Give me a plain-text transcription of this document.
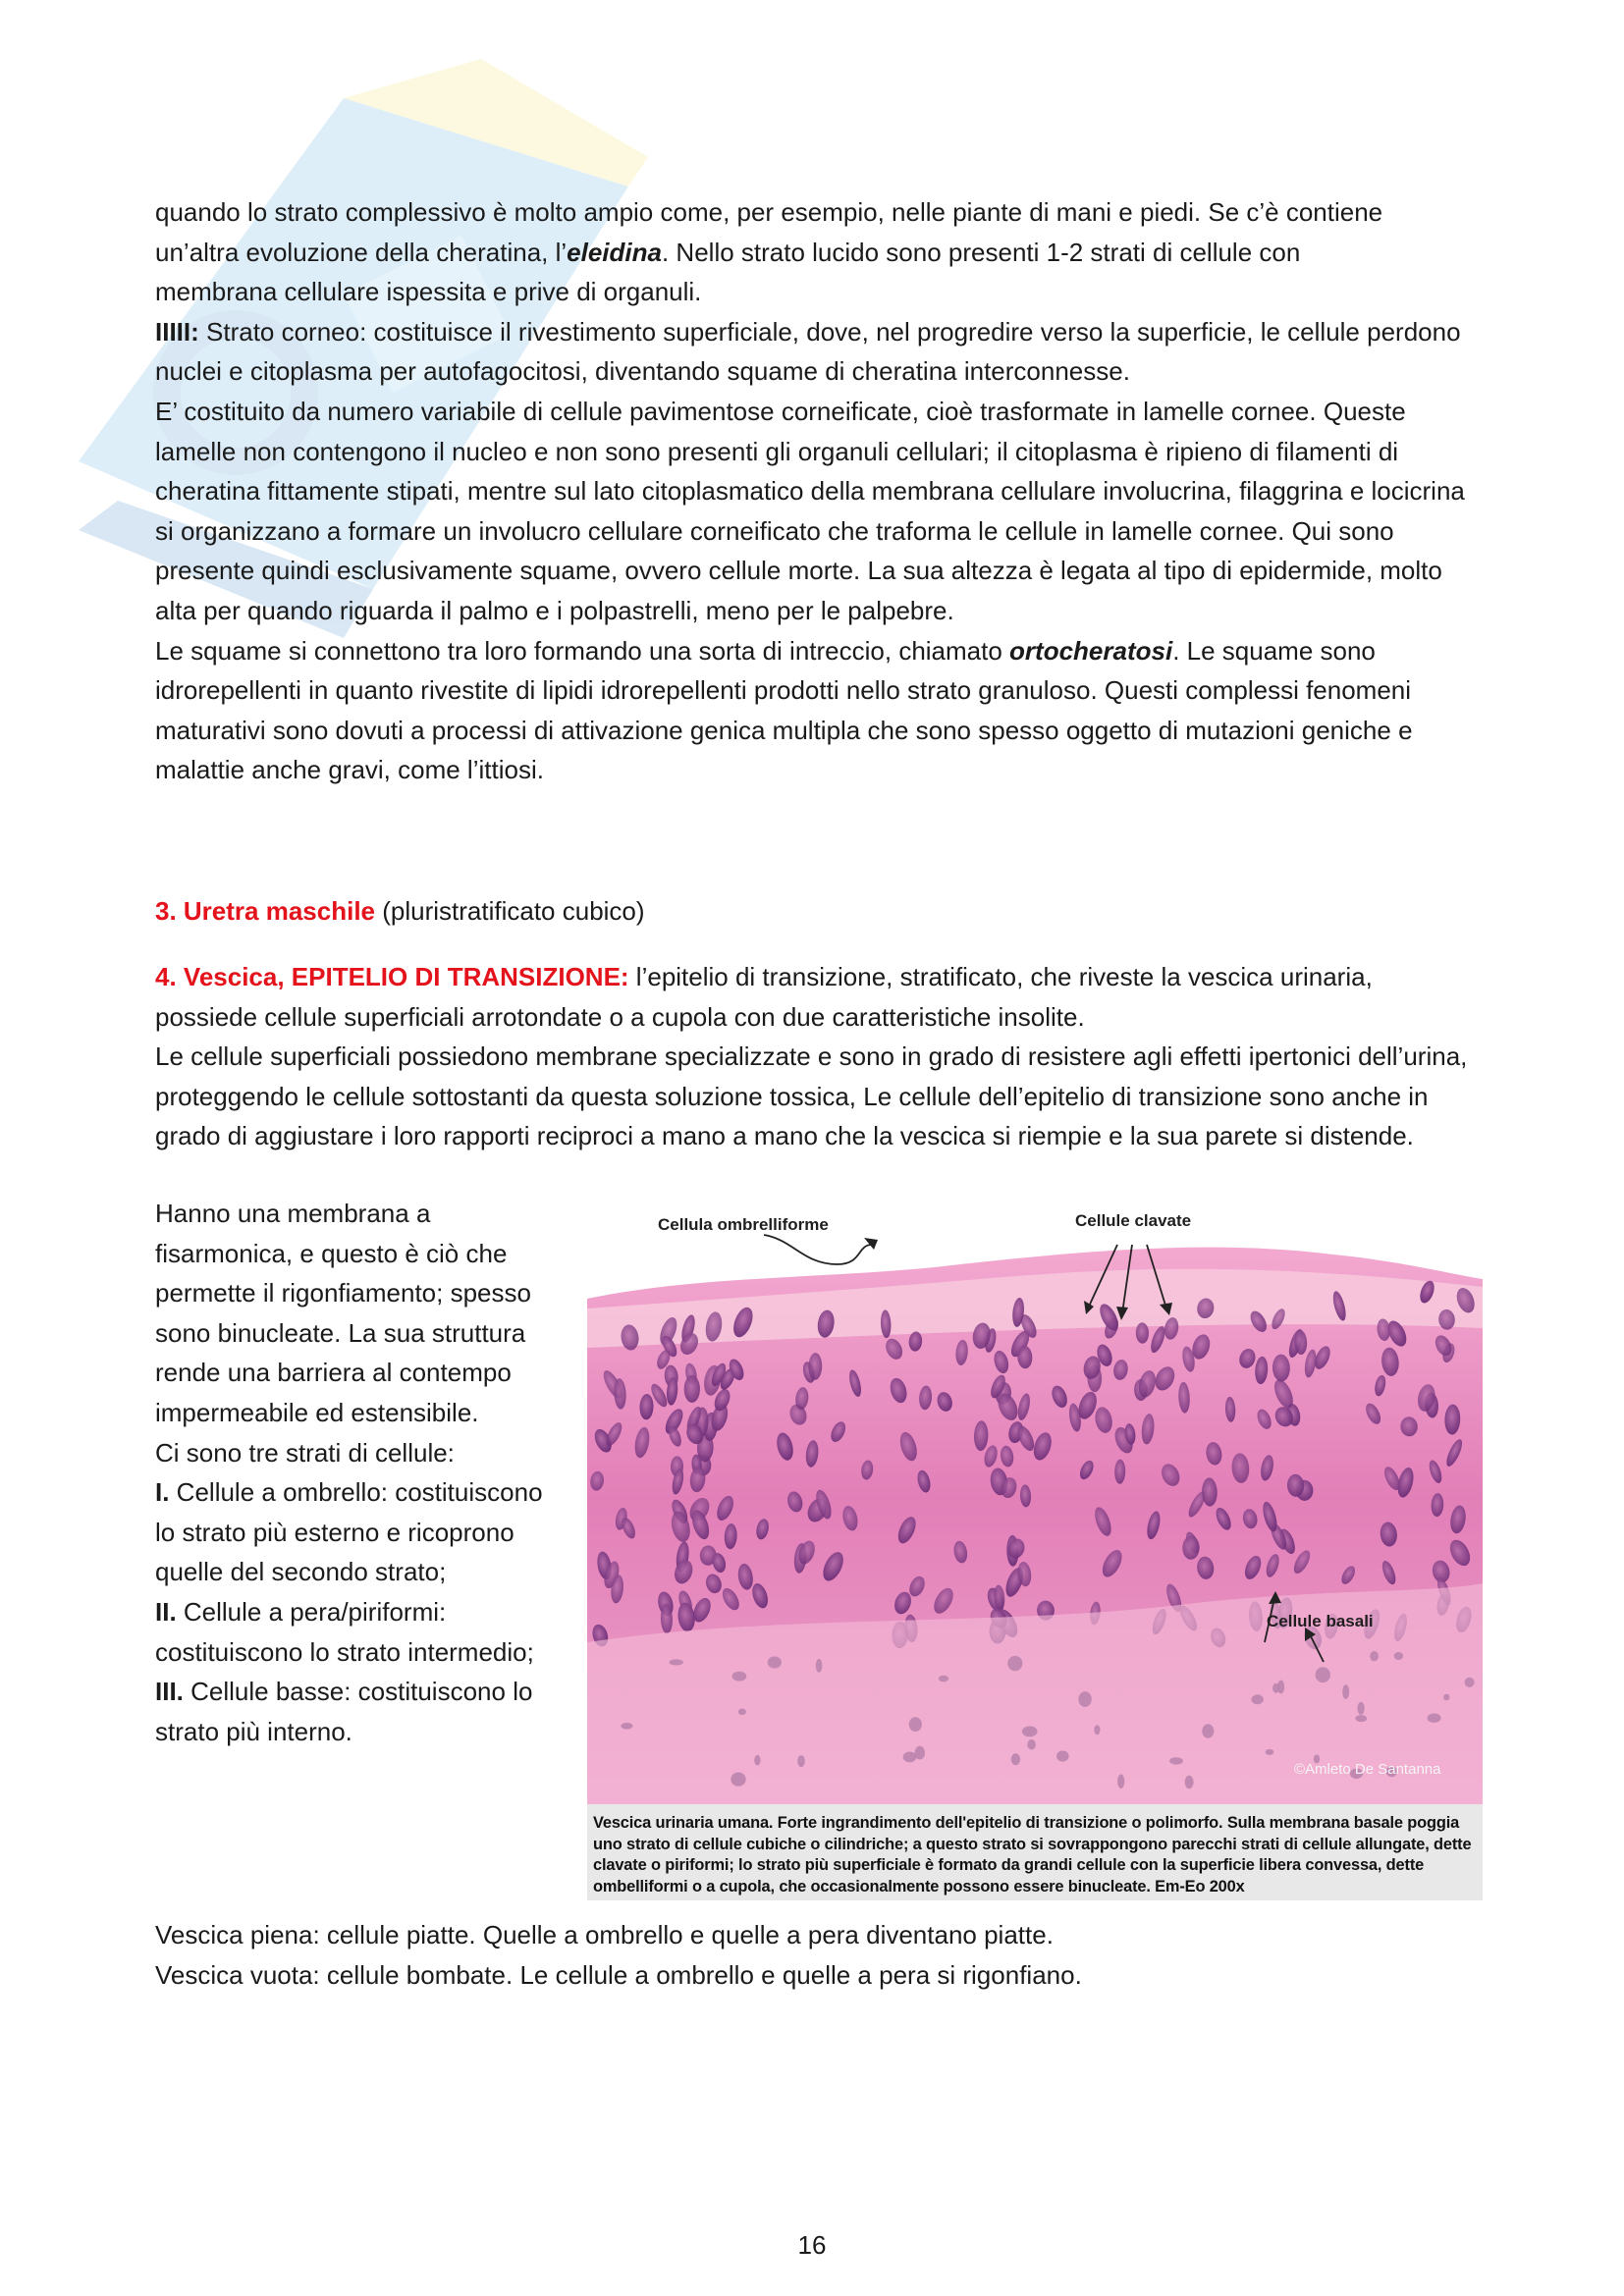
quando lo strato complessivo è molto ampio come, per esempio, nelle piante di mani e piedi. Se c’è contiene

un’altra evoluzione della cheratina, l’eleidina. Nello strato lucido sono presenti 1-2 strati di cellule con

membrana cellulare ispessita e prive di organuli.

IIIII: Strato corneo: costituisce il rivestimento superficiale, dove, nel progredire verso la superficie, le cellule perdono nuclei e citoplasma per autofagocitosi, diventando squame di cheratina interconnesse.

E’ costituito da numero variabile di cellule pavimentose corneificate, cioè trasformate in lamelle cornee. Queste lamelle non contengono il nucleo e non sono presenti gli organuli cellulari; il citoplasma è ripieno di filamenti di cheratina fittamente stipati, mentre sul lato citoplasmatico della membrana cellulare involucrina, filaggrina e locicrina si organizzano a formare un involucro cellulare corneificato che traforma le cellule in lamelle cornee. Qui sono presente quindi esclusivamente squame, ovvero cellule morte. La sua altezza è legata al tipo di epidermide, molto alta per quando riguarda il palmo e i polpastrelli, meno per le palpebre.

Le squame si connettono tra loro formando una sorta di intreccio, chiamato ortocheratosi. Le squame sono idrorepellenti in quanto rivestite di lipidi idrorepellenti prodotti nello strato granuloso. Questi complessi fenomeni maturativi sono dovuti a processi di attivazione genica multipla che sono spesso oggetto di mutazioni geniche e malattie anche gravi, come l’ittiosi.

3. Uretra maschile (pluristratificato cubico)

4. Vescica, EPITELIO DI TRANSIZIONE: l’epitelio di transizione, stratificato, che riveste la vescica urinaria, possiede cellule superficiali arrotondate o a cupola con due caratteristiche insolite.

Le cellule superficiali possiedono membrane specializzate e sono in grado di resistere agli effetti ipertonici dell’urina, proteggendo le cellule sottostanti da questa soluzione tossica, Le cellule dell’epitelio di transizione sono anche in grado di aggiustare i loro rapporti reciproci a mano a mano che la vescica si riempie e la sua parete si distende.

Hanno una membrana a fisarmonica, e questo è ciò che permette il rigonfiamento; spesso sono binucleate. La sua struttura rende una barriera al contempo impermeabile ed estensibile.

Ci sono tre strati di cellule:

I. Cellule a ombrello: costituiscono lo strato più esterno e ricoprono quelle del secondo strato;

II. Cellule a pera/piriformi: costituiscono lo strato intermedio;

III. Cellule basse: costituiscono lo strato più interno.

Cellula ombrelliforme	Cellule clavate
Cellule basali
©Amleto De Santanna
Vescica urinaria umana. Forte ingrandimento dell'epitelio di transizione o polimorfo. Sulla membrana basale poggia uno strato di cellule cubiche o cilindriche; a questo strato si sovrappongono parecchi strati di cellule allungate, dette clavate o piriformi; lo strato più superficiale è formato da grandi cellule con la superficie libera convessa, dette ombelliformi o a cupola, che occasionalmente possono essere binucleate. Em-Eo 200x

Vescica piena: cellule piatte. Quelle a ombrello e quelle a pera diventano piatte.

Vescica vuota: cellule bombate. Le cellule a ombrello e quelle a pera si rigonfiano.

16
